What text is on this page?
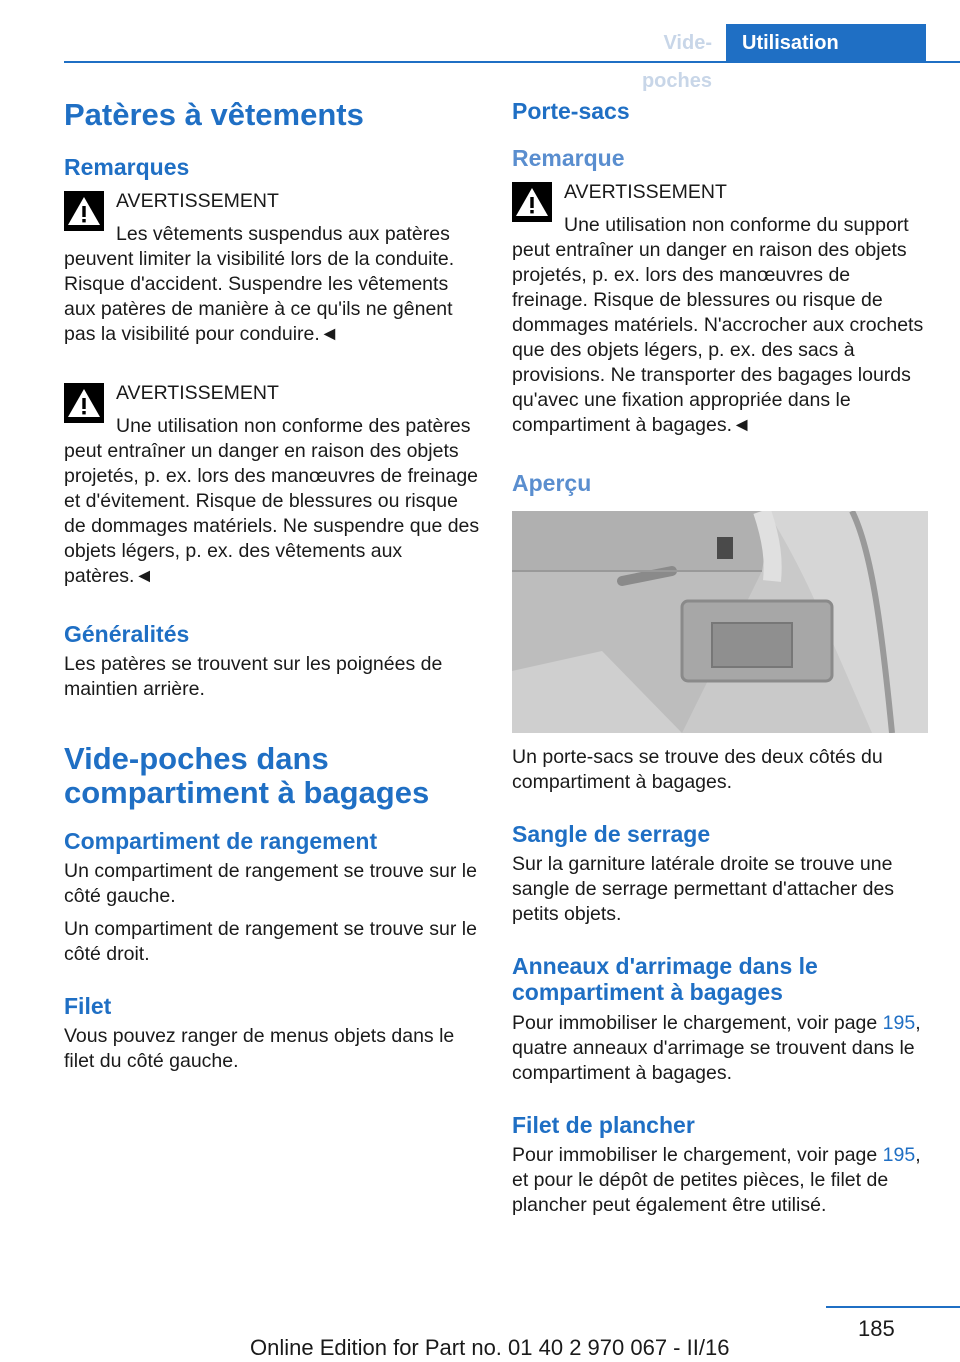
Vide-poches
Utilisation
Patères à vêtements
Remarques
AVERTISSEMENT
Les vêtements suspendus aux patères peuvent limiter la visibilité lors de la conduite. Risque d'accident. Suspendre les vêtements aux patères de manière à ce qu'ils ne gênent pas la visibilité pour conduire.◄
AVERTISSEMENT
Une utilisation non conforme des patères peut entraîner un danger en raison des objets projetés, p. ex. lors des manœuvres de freinage et d'évitement. Risque de blessures ou risque de dommages matériels. Ne suspendre que des objets légers, p. ex. des vêtements aux patères.◄
Généralités
Les patères se trouvent sur les poignées de maintien arrière.
Vide-poches dans compartiment à bagages
Compartiment de rangement
Un compartiment de rangement se trouve sur le côté gauche.
Un compartiment de rangement se trouve sur le côté droit.
Filet
Vous pouvez ranger de menus objets dans le filet du côté gauche.
Porte-sacs
Remarque
AVERTISSEMENT
Une utilisation non conforme du support peut entraîner un danger en raison des objets projetés, p. ex. lors des manœuvres de freinage. Risque de blessures ou risque de dommages matériels. N'accrocher aux crochets que des objets légers, p. ex. des sacs à provisions. Ne transporter des bagages lourds qu'avec une fixation appropriée dans le compartiment à bagages.◄
Aperçu
Un porte-sacs se trouve des deux côtés du compartiment à bagages.
Sangle de serrage
Sur la garniture latérale droite se trouve une sangle de serrage permettant d'attacher des petits objets.
Anneaux d'arrimage dans le compartiment à bagages
Pour immobiliser le chargement, voir page 195, quatre anneaux d'arrimage se trouvent dans le compartiment à bagages.
Filet de plancher
Pour immobiliser le chargement, voir page 195, et pour le dépôt de petites pièces, le filet de plancher peut également être utilisé.
185
Online Edition for Part no. 01 40 2 970 067 - II/16
